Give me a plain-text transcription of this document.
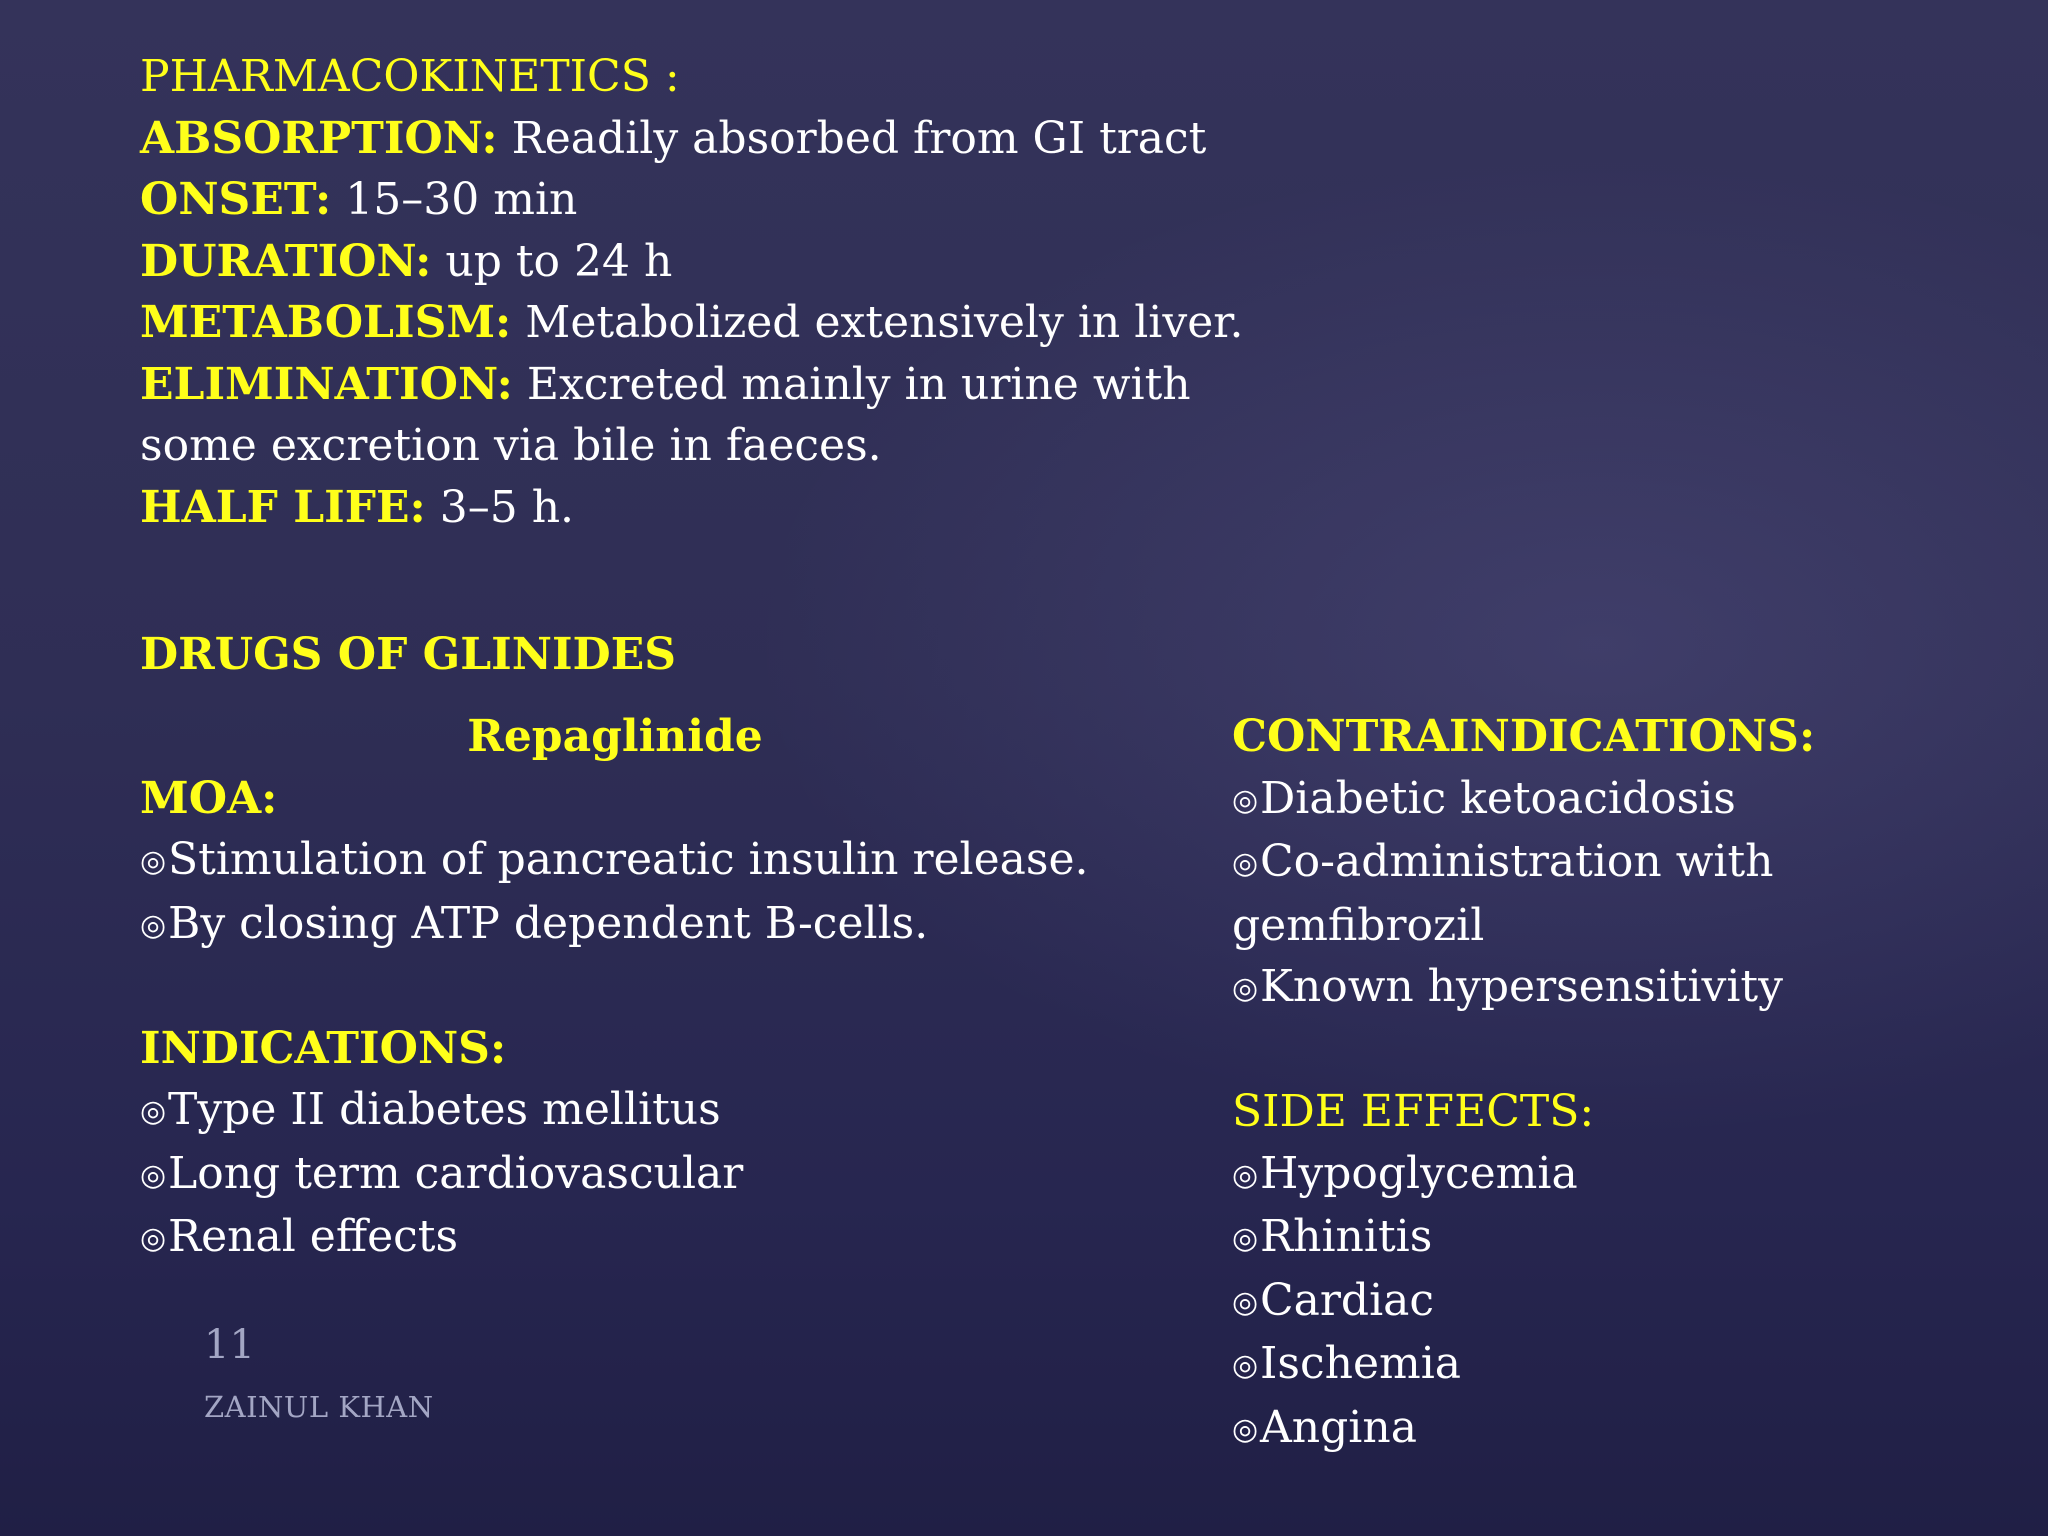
PHARMACOKINETICS :
ABSORPTION: Readily absorbed from GI tract
ONSET: 15–30 min
DURATION: up to 24 h
METABOLISM: Metabolized extensively in liver.
ELIMINATION: Excreted mainly in urine with
some excretion via bile in faeces.
HALF LIFE: 3–5 h.
DRUGS OF GLINIDES
Repaglinide
MOA:
◎Stimulation of pancreatic insulin release.
◎By closing ATP dependent B-cells.
INDICATIONS:
◎Type II diabetes mellitus
◎Long term cardiovascular
◎Renal effects
CONTRAINDICATIONS:
◎Diabetic ketoacidosis
◎Co-administration with
gemfibrozil
◎Known hypersensitivity
SIDE EFFECTS:
◎Hypoglycemia
◎Rhinitis
◎Cardiac
◎Ischemia
◎Angina
11
ZAINUL KHAN
